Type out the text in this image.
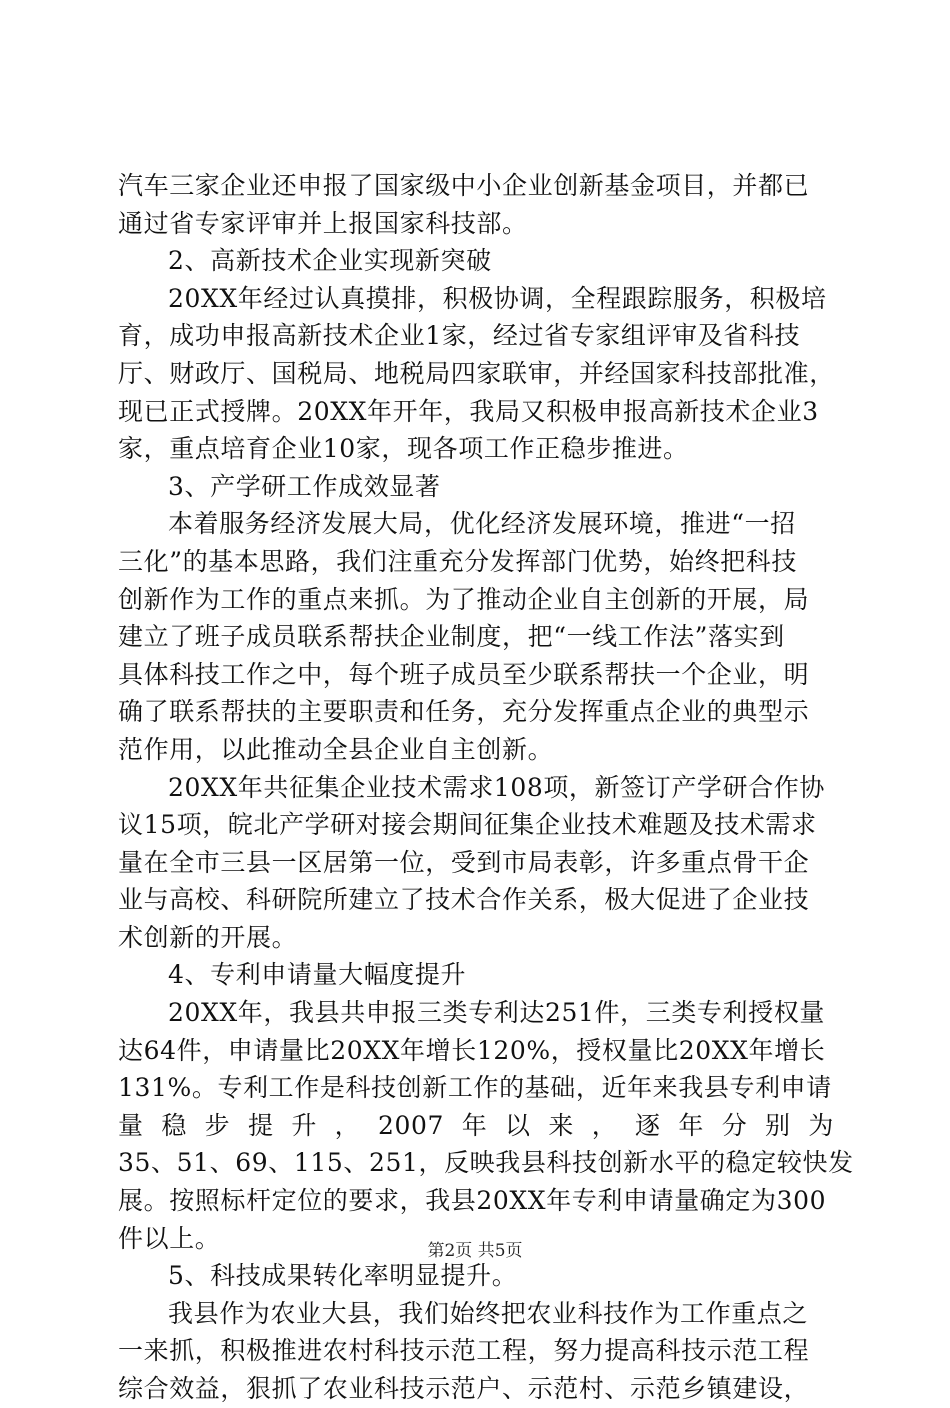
汽车三家企业还申报了国家级中小企业创新基金项目，并都已
通过省专家评审并上报国家科技部。
2、高新技术企业实现新突破
20XX年经过认真摸排，积极协调，全程跟踪服务，积极培
育，成功申报高新技术企业1家，经过省专家组评审及省科技
厅、财政厅、国税局、地税局四家联审，并经国家科技部批准，
现已正式授牌。20XX年开年，我局又积极申报高新技术企业3
家，重点培育企业10家，现各项工作正稳步推进。
3、产学研工作成效显著
本着服务经济发展大局，优化经济发展环境，推进“一招
三化”的基本思路，我们注重充分发挥部门优势，始终把科技
创新作为工作的重点来抓。为了推动企业自主创新的开展，局
建立了班子成员联系帮扶企业制度，把“一线工作法”落实到
具体科技工作之中，每个班子成员至少联系帮扶一个企业，明
确了联系帮扶的主要职责和任务，充分发挥重点企业的典型示
范作用，以此推动全县企业自主创新。
20XX年共征集企业技术需求108项，新签订产学研合作协
议15项，皖北产学研对接会期间征集企业技术难题及技术需求
量在全市三县一区居第一位，受到市局表彰，许多重点骨干企
业与高校、科研院所建立了技术合作关系，极大促进了企业技
术创新的开展。
4、专利申请量大幅度提升
20XX年，我县共申报三类专利达251件，三类专利授权量
达64件，申请量比20XX年增长120%，授权量比20XX年增长
131%。专利工作是科技创新工作的基础，近年来我县专利申请
量 稳 步 提 升 ， 2007 年 以 来 ， 逐 年 分 别 为
35、51、69、115、251，反映我县科技创新水平的稳定较快发
展。按照标杆定位的要求，我县20XX年专利申请量确定为300
件以上。
5、科技成果转化率明显提升。
我县作为农业大县，我们始终把农业科技作为工作重点之
一来抓，积极推进农村科技示范工程，努力提高科技示范工程
综合效益，狠抓了农业科技示范户、示范村、示范乡镇建设，
第2页 共5页
